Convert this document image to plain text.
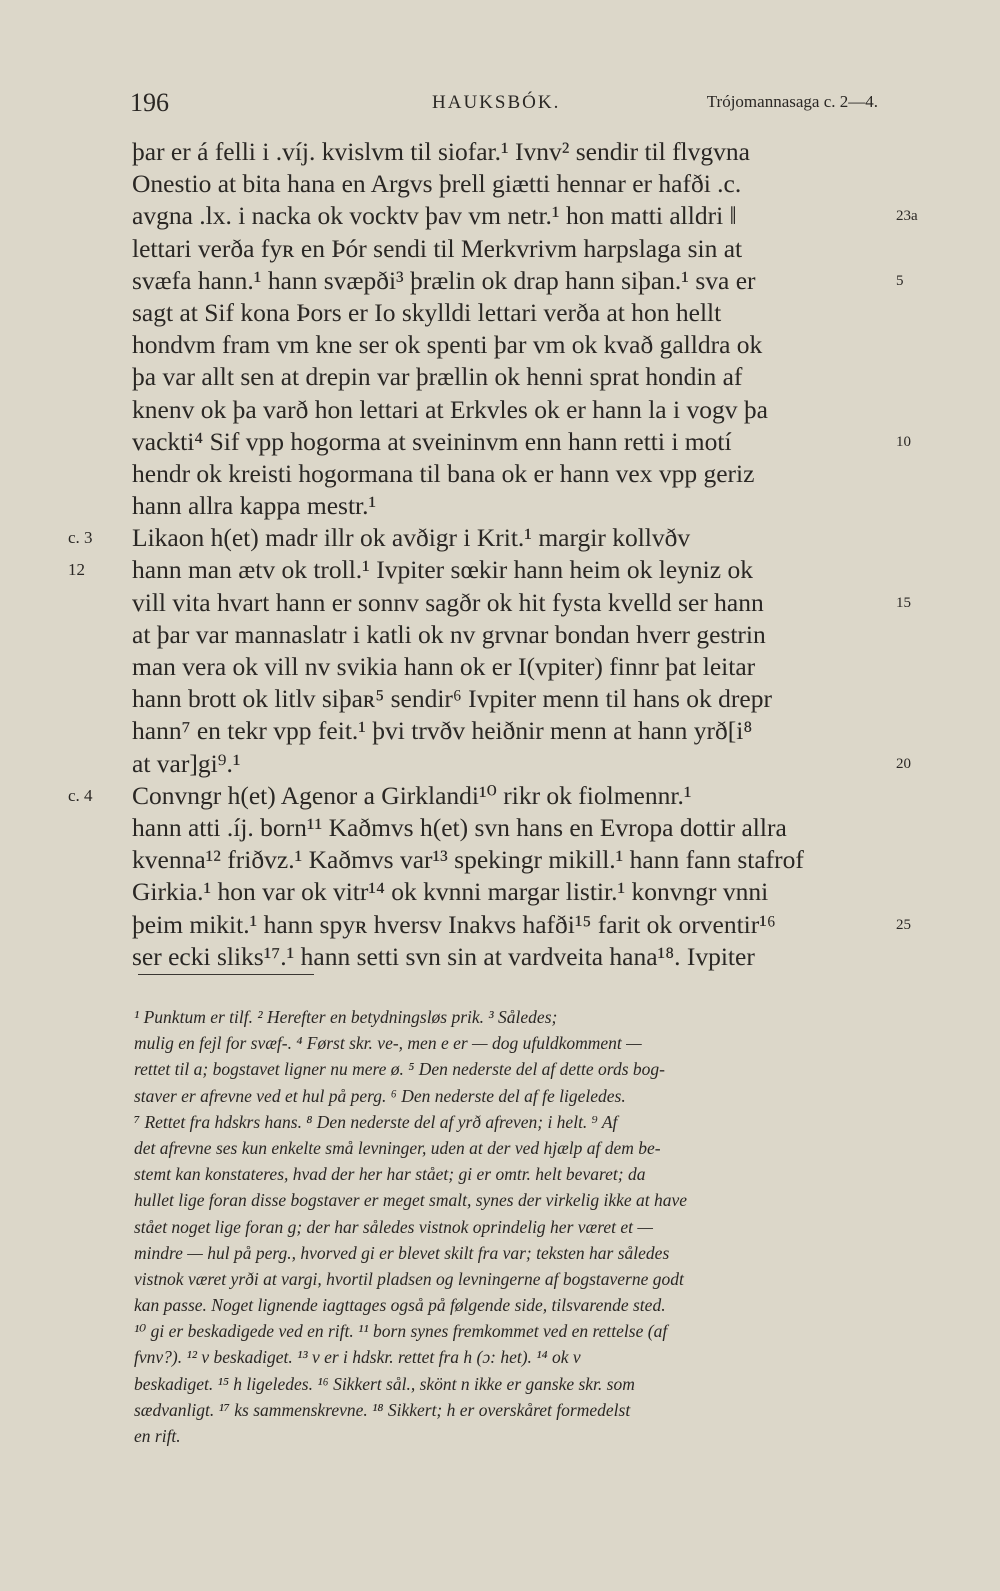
196	HAUKSBÓK.	Trójomannasaga c. 2—4.
þar er á felli i .víj. kvislvm til siofar.¹ Ivnv² sendir til flvgvna
Onestio at bita hana en Argvs þrell giætti hennar er hafði .c.
avgna .lx. i nacka ok vocktv þav vm netr.¹ hon matti alldri ‖	23a
lettari verða fyʀ en Þór sendi til Merkvrivm harpslaga sin at
svæfa hann.¹ hann svæpði³ þrælin ok drap hann siþan.¹ sva er	5
sagt at Sif kona Þors er Io skylldi lettari verða at hon hellt
hondvm fram vm kne ser ok spenti þar vm ok kvað galldra ok
þa var allt sen at drepin var þrællin ok henni sprat hondin af
knenv ok þa varð hon lettari at Erkvles ok er hann la i vogv þa
vackti⁴ Sif vpp hogorma at sveininvm enn hann retti i motí	10
hendr ok kreisti hogormana til bana ok er hann vex vpp geriz
hann allra kappa mestr.¹
Likaon h(et) madr illr ok avðigr i Krit.¹ margir kollvðv
c. 3
hann man ætv ok troll.¹ Ivpiter sœkir hann heim ok leyniz ok
12
vill vita hvart hann er sonnv sagðr ok hit fysta kvelld ser hann	15
at þar var mannaslatr i katli ok nv grvnar bondan hverr gestrin
man vera ok vill nv svikia hann ok er I(vpiter) finnr þat leitar
hann brott ok litlv siþaʀ⁵ sendir⁶ Ivpiter menn til hans ok drepr
hann⁷ en tekr vpp feit.¹ þvi trvðv heiðnir menn at hann yrð[i⁸
at var]gi⁹.¹	20
Convngr h(et) Agenor a Girklandi¹⁰ rikr ok fiolmennr.¹
c. 4
hann atti .íj. born¹¹ Kaðmvs h(et) svn hans en Evropa dottir allra
kvenna¹² friðvz.¹ Kaðmvs var¹³ spekingr mikill.¹ hann fann stafrof
Girkia.¹ hon var ok vitr¹⁴ ok kvnni margar listir.¹ konvngr vnni
þeim mikit.¹ hann spyʀ hversv Inakvs hafði¹⁵ farit ok orventir¹⁶	25
ser ecki sliks¹⁷.¹ hann setti svn sin at vardveita hana¹⁸. Ivpiter
¹ Punktum er tilf. ² Herefter en betydningsløs prik. ³ Således;
mulig en fejl for svæf-. ⁴ Først skr. ve-, men e er — dog ufuldkomment —
rettet til a; bogstavet ligner nu mere ø. ⁵ Den nederste del af dette ords bog-
staver er afrevne ved et hul på perg. ⁶ Den nederste del af fe ligeledes.
⁷ Rettet fra hdskrs hans. ⁸ Den nederste del af yrð afreven; i helt. ⁹ Af
det afrevne ses kun enkelte små levninger, uden at der ved hjælp af dem be-
stemt kan konstateres, hvad der her har stået; gi er omtr. helt bevaret; da
hullet lige foran disse bogstaver er meget smalt, synes der virkelig ikke at have
stået noget lige foran g; der har således vistnok oprindelig her været et —
mindre — hul på perg., hvorved gi er blevet skilt fra var; teksten har således
vistnok været yrði at vargi, hvortil pladsen og levningerne af bogstaverne godt
kan passe. Noget lignende iagttages også på følgende side, tilsvarende sted.
¹⁰ gi er beskadigede ved en rift. ¹¹ born synes fremkommet ved en rettelse (af
fvnv?). ¹² v beskadiget. ¹³ v er i hdskr. rettet fra h (ɔ: het). ¹⁴ ok v
beskadiget. ¹⁵ h ligeledes. ¹⁶ Sikkert sål., skönt n ikke er ganske skr. som
sædvanligt. ¹⁷ ks sammenskrevne. ¹⁸ Sikkert; h er overskåret formedelst
en rift.
